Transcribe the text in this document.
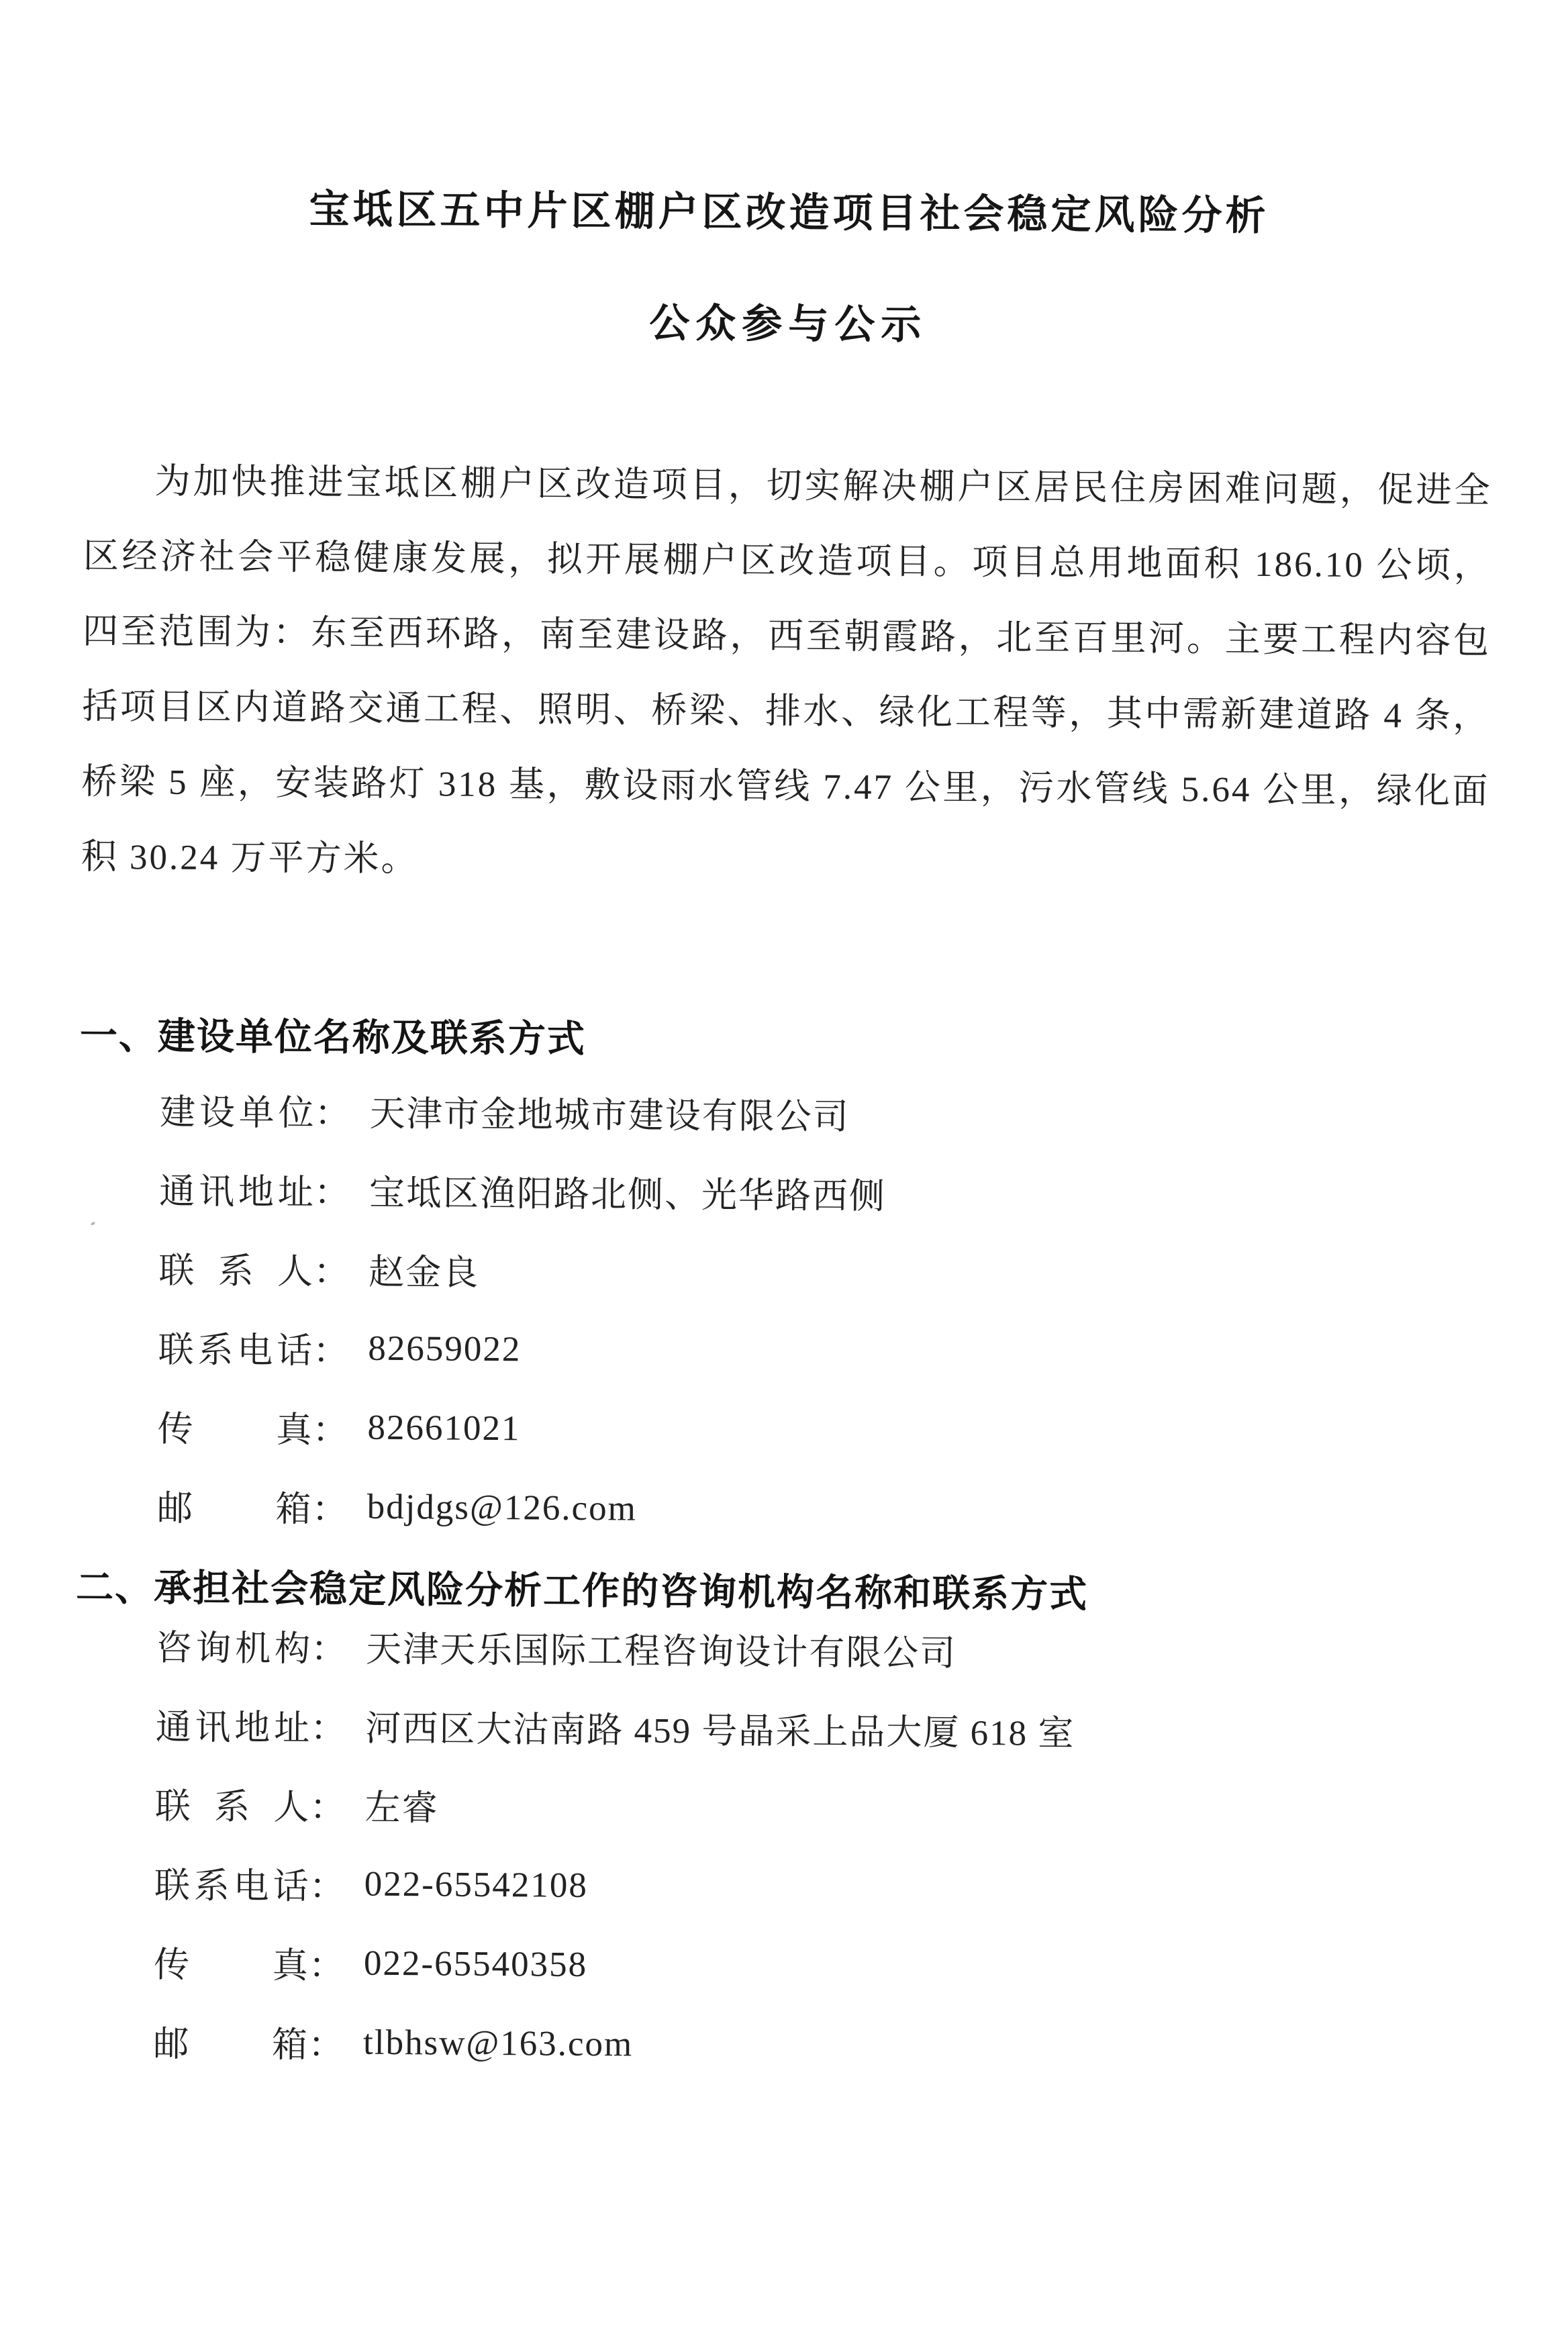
宝坻区五中片区棚户区改造项目社会稳定风险分析
公众参与公示

为加快推进宝坻区棚户区改造项目，切实解决棚户区居民住房困难问题，促进全区经济社会平稳健康发展，拟开展棚户区改造项目。项目总用地面积 186.10 公顷，四至范围为：东至西环路，南至建设路，西至朝霞路，北至百里河。主要工程内容包括项目区内道路交通工程、照明、桥梁、排水、绿化工程等，其中需新建道路 4 条，桥梁 5 座，安装路灯 318 基，敷设雨水管线 7.47 公里，污水管线 5.64 公里，绿化面积 30.24 万平方米。

一、建设单位名称及联系方式
建设单位 ： 天津市金地城市建设有限公司
通讯地址 ： 宝坻区渔阳路北侧、光华路西侧
联系人 ： 赵金良
联系电话 ： 82659022
传真 ： 82661021
邮箱 ： bdjdgs@126.com
二、承担社会稳定风险分析工作的咨询机构名称和联系方式
咨询机构 ： 天津天乐国际工程咨询设计有限公司
通讯地址 ： 河西区大沽南路 459 号晶采上品大厦 618 室
联系人 ： 左睿
联系电话 ： 022-65542108
传真 ： 022-65540358
邮箱 ： tlbhsw@163.com
